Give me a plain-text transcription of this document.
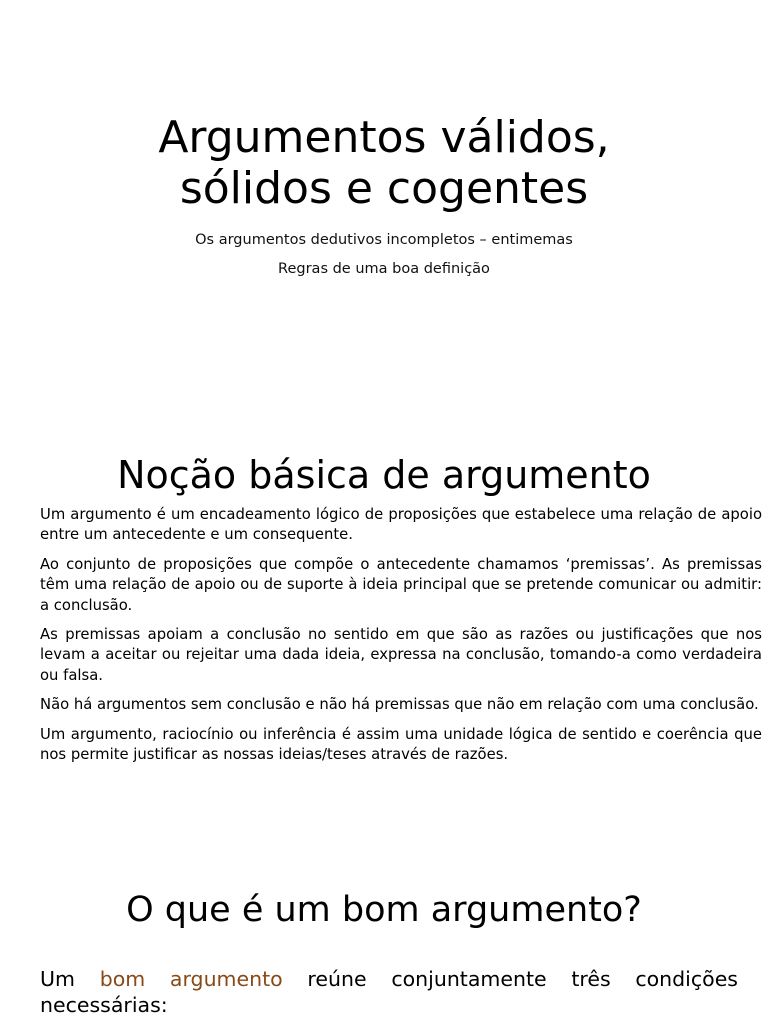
Argumentos válidos,
sólidos e cogentes

Os argumentos dedutivos incompletos – entimemas

Regras de uma boa definição

Noção básica de argumento

Um argumento é um encadeamento lógico de proposições que estabelece uma relação de apoio entre um antecedente e um consequente.

Ao conjunto de proposições que compõe o antecedente chamamos ‘premissas’. As premissas têm uma relação de apoio ou de suporte à ideia principal que se pretende comunicar ou admitir: a conclusão.

As premissas apoiam a conclusão no sentido em que são as razões ou justificações que nos levam a aceitar ou rejeitar uma dada ideia, expressa na conclusão, tomando-a como verdadeira ou falsa.

Não há argumentos sem conclusão e não há premissas que não em relação com uma conclusão.

Um argumento, raciocínio ou inferência é assim uma unidade lógica de sentido e coerência que nos permite justificar as nossas ideias/teses através de razões.

O que é um bom argumento?

Um bom argumento reúne conjuntamente três condições necessárias:
